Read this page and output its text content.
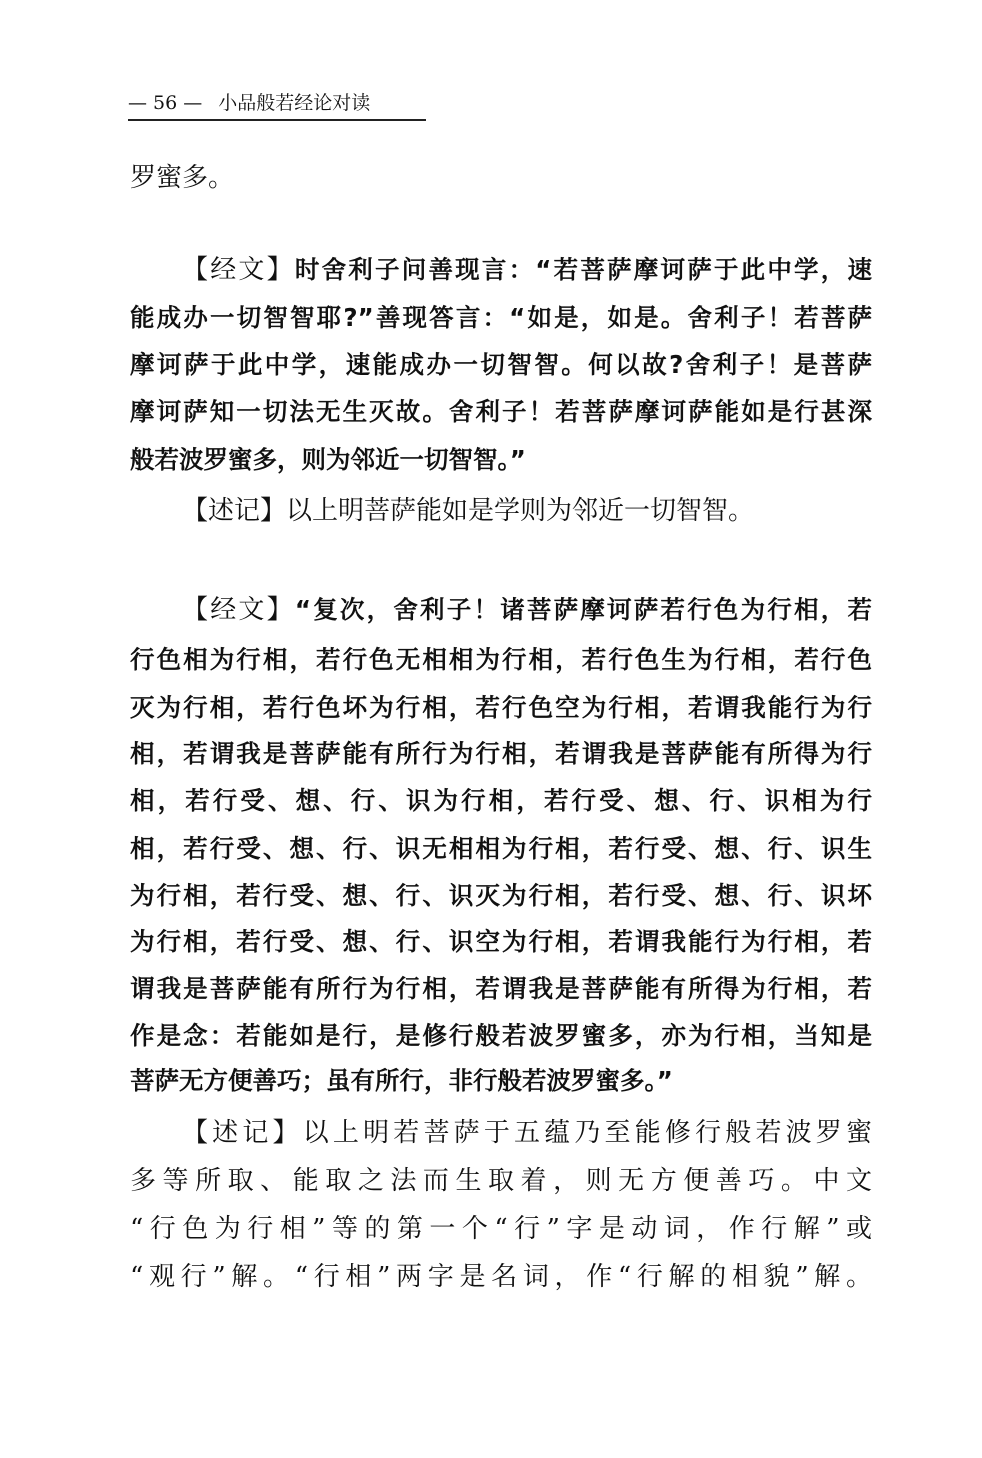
— 56 — 小品般若经论对读
罗蜜多。
【经文】时舍利子问善现言：“若菩萨摩诃萨于此中学，速
能成办一切智智耶?”善现答言：“如是，如是。舍利子！若菩萨
摩诃萨于此中学，速能成办一切智智。何以故?舍利子！是菩萨
摩诃萨知一切法无生灭故。舍利子！若菩萨摩诃萨能如是行甚深
般若波罗蜜多，则为邻近一切智智。”
【述记】以上明菩萨能如是学则为邻近一切智智。
【经文】“复次，舍利子！诸菩萨摩诃萨若行色为行相，若
行色相为行相，若行色无相相为行相，若行色生为行相，若行色
灭为行相，若行色坏为行相，若行色空为行相，若谓我能行为行
相，若谓我是菩萨能有所行为行相，若谓我是菩萨能有所得为行
相，若行受、想、行、识为行相，若行受、想、行、识相为行
相，若行受、想、行、识无相相为行相，若行受、想、行、识生
为行相，若行受、想、行、识灭为行相，若行受、想、行、识坏
为行相，若行受、想、行、识空为行相，若谓我能行为行相，若
谓我是菩萨能有所行为行相，若谓我是菩萨能有所得为行相，若
作是念：若能如是行，是修行般若波罗蜜多，亦为行相，当知是
菩萨无方便善巧；虽有所行，非行般若波罗蜜多。”
【述记】以上明若菩萨于五蕴乃至能修行般若波罗蜜
多等所取、能取之法而生取着，则无方便善巧。中文
“行色为行相”等的第一个“行”字是动词，作行解”或
“观行”解。“行相”两字是名词，作“行解的相貌”解。
